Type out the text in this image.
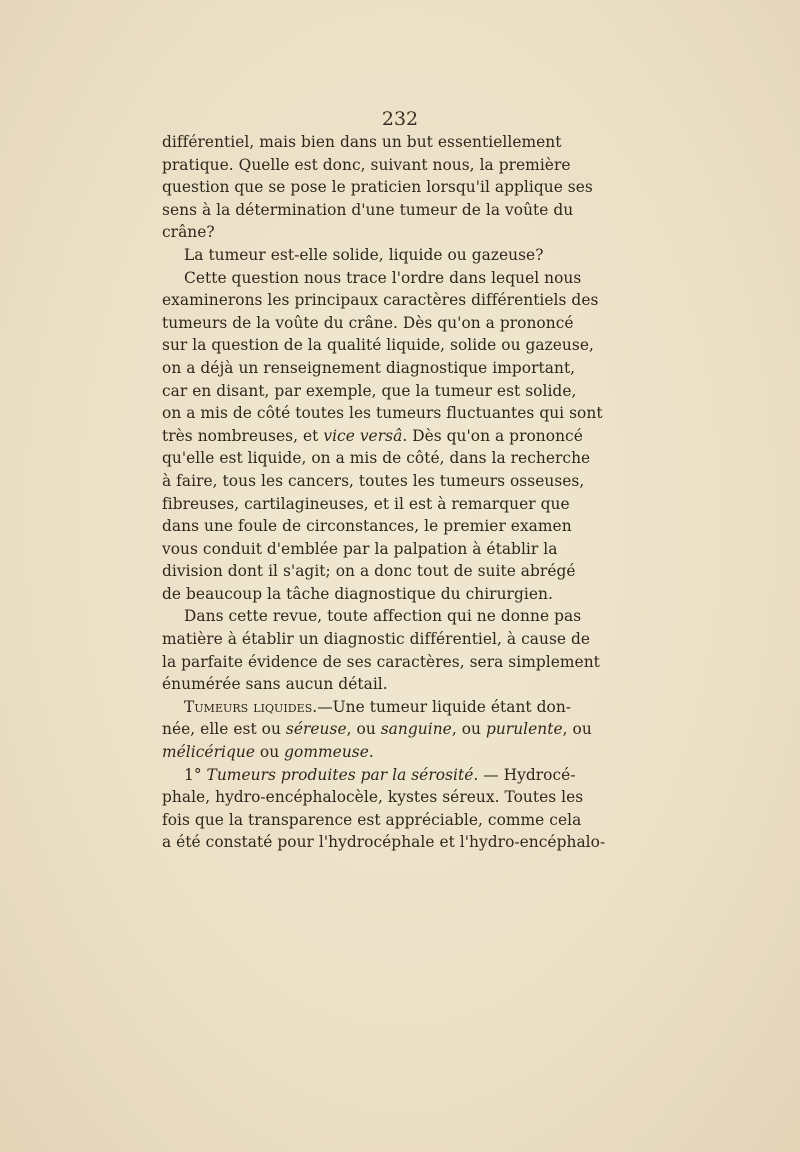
232
différentiel, mais bien dans un but essentiellement
pratique. Quelle est donc, suivant nous, la première
question que se pose le praticien lorsqu'il applique ses
sens à la détermination d'une tumeur de la voûte du
crâne?
La tumeur est-elle solide, liquide ou gazeuse?
Cette question nous trace l'ordre dans lequel nous
examinerons les principaux caractères différentiels des
tumeurs de la voûte du crâne. Dès qu'on a prononcé
sur la question de la qualité liquide, solide ou gazeuse,
on a déjà un renseignement diagnostique important,
car en disant, par exemple, que la tumeur est solide,
on a mis de côté toutes les tumeurs fluctuantes qui sont
très nombreuses, et vice versâ. Dès qu'on a prononcé
qu'elle est liquide, on a mis de côté, dans la recherche
à faire, tous les cancers, toutes les tumeurs osseuses,
fibreuses, cartilagineuses, et il est à remarquer que
dans une foule de circonstances, le premier examen
vous conduit d'emblée par la palpation à établir la
division dont il s'agit; on a donc tout de suite abrégé
de beaucoup la tâche diagnostique du chirurgien.
Dans cette revue, toute affection qui ne donne pas
matière à établir un diagnostic différentiel, à cause de
la parfaite évidence de ses caractères, sera simplement
énumérée sans aucun détail.
Tumeurs liquides.—Une tumeur liquide étant don-
née, elle est ou séreuse, ou sanguine, ou purulente, ou
mélicérique ou gommeuse.
1° Tumeurs produites par la sérosité. — Hydrocé-
phale, hydro-encéphalocèle, kystes séreux. Toutes les
fois que la transparence est appréciable, comme cela
a été constaté pour l'hydrocéphale et l'hydro-encéphalo-
